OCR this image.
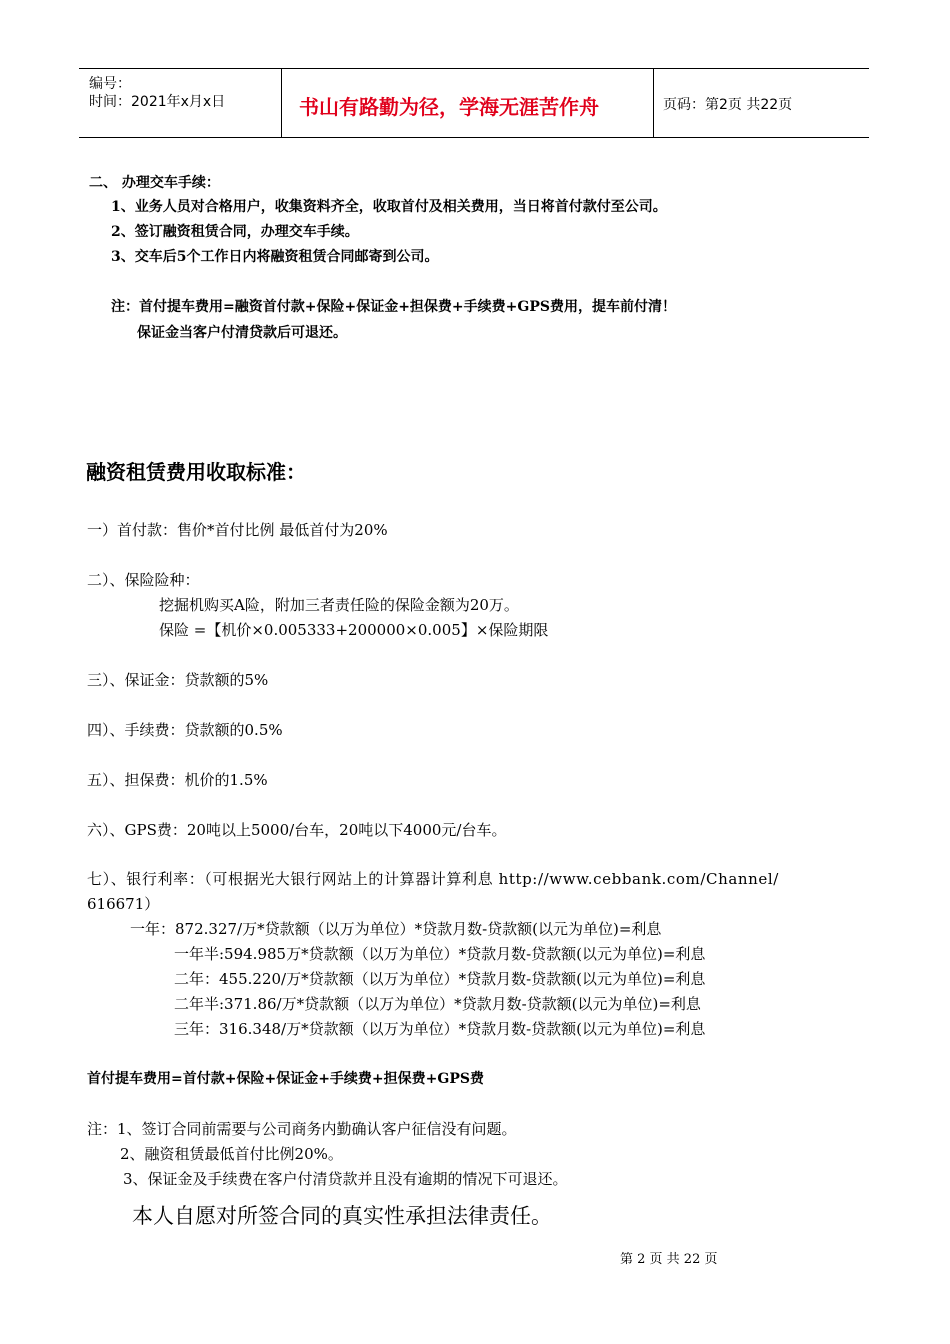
编号：
时间：2021年x月x日	书山有路勤为径，学海无涯苦作舟	页码：第2页 共22页
二、 办理交车手续：
1、业务人员对合格用户，收集资料齐全，收取首付及相关费用，当日将首付款付至公司。
2、签订融资租赁合同，办理交车手续。
3、交车后5个工作日内将融资租赁合同邮寄到公司。
注：首付提车费用=融资首付款+保险+保证金+担保费+手续费+GPS费用，提车前付清！
保证金当客户付清贷款后可退还。
融资租赁费用收取标准：
一）首付款：售价*首付比例 最低首付为20%
二）、保险险种：
挖掘机购买A险，附加三者责任险的保险金额为20万。
保险 =【机价×0.005333+200000×0.005】×保险期限
三）、保证金：贷款额的5%
四）、手续费：贷款额的0.5%
五）、担保费：机价的1.5%
六）、GPS费：20吨以上5000/台车，20吨以下4000元/台车。
七）、银行利率：（可根据光大银行网站上的计算器计算利息 http://www.cebbank.com/Channel/
616671）
一年：872.327/万*贷款额（以万为单位）*贷款月数-贷款额(以元为单位)=利息
一年半:594.985万*贷款额（以万为单位）*贷款月数-贷款额(以元为单位)=利息
二年：455.220/万*贷款额（以万为单位）*贷款月数-贷款额(以元为单位)=利息
二年半:371.86/万*贷款额（以万为单位）*贷款月数-贷款额(以元为单位)=利息
三年：316.348/万*贷款额（以万为单位）*贷款月数-贷款额(以元为单位)=利息
首付提车费用=首付款+保险+保证金+手续费+担保费+GPS费
注：1、签订合同前需要与公司商务内勤确认客户征信没有问题。
2、融资租赁最低首付比例20%。
3、保证金及手续费在客户付清贷款并且没有逾期的情况下可退还。
本人自愿对所签合同的真实性承担法律责任。
第 2 页 共 22 页
